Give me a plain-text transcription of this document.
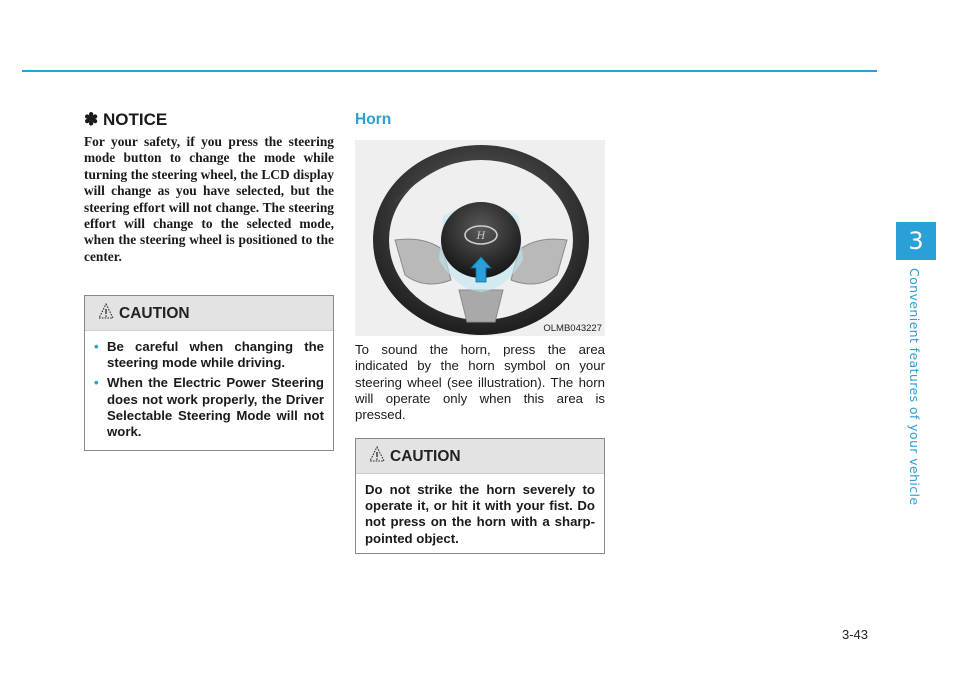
3
Convenient features of your vehicle
✽ NOTICE
For your safety, if you press the steering mode button to change the mode while turning the steering wheel, the LCD display will change as you have selected, but the steering effort will not change. The steering effort will change to the selected mode, when the steering wheel is positioned to the center.
CAUTION
• Be careful when changing the steering mode while driving.
• When the Electric Power Steering does not work properly, the Driver Selectable Steering Mode will not work.
Horn
H
OLMB043227
To sound the horn, press the area indicated by the horn symbol on your steering wheel (see illustration). The horn will operate only when this area is pressed.
CAUTION

Do not strike the horn severely to operate it, or hit it with your fist. Do not press on the horn with a sharp-pointed object.

3-43
